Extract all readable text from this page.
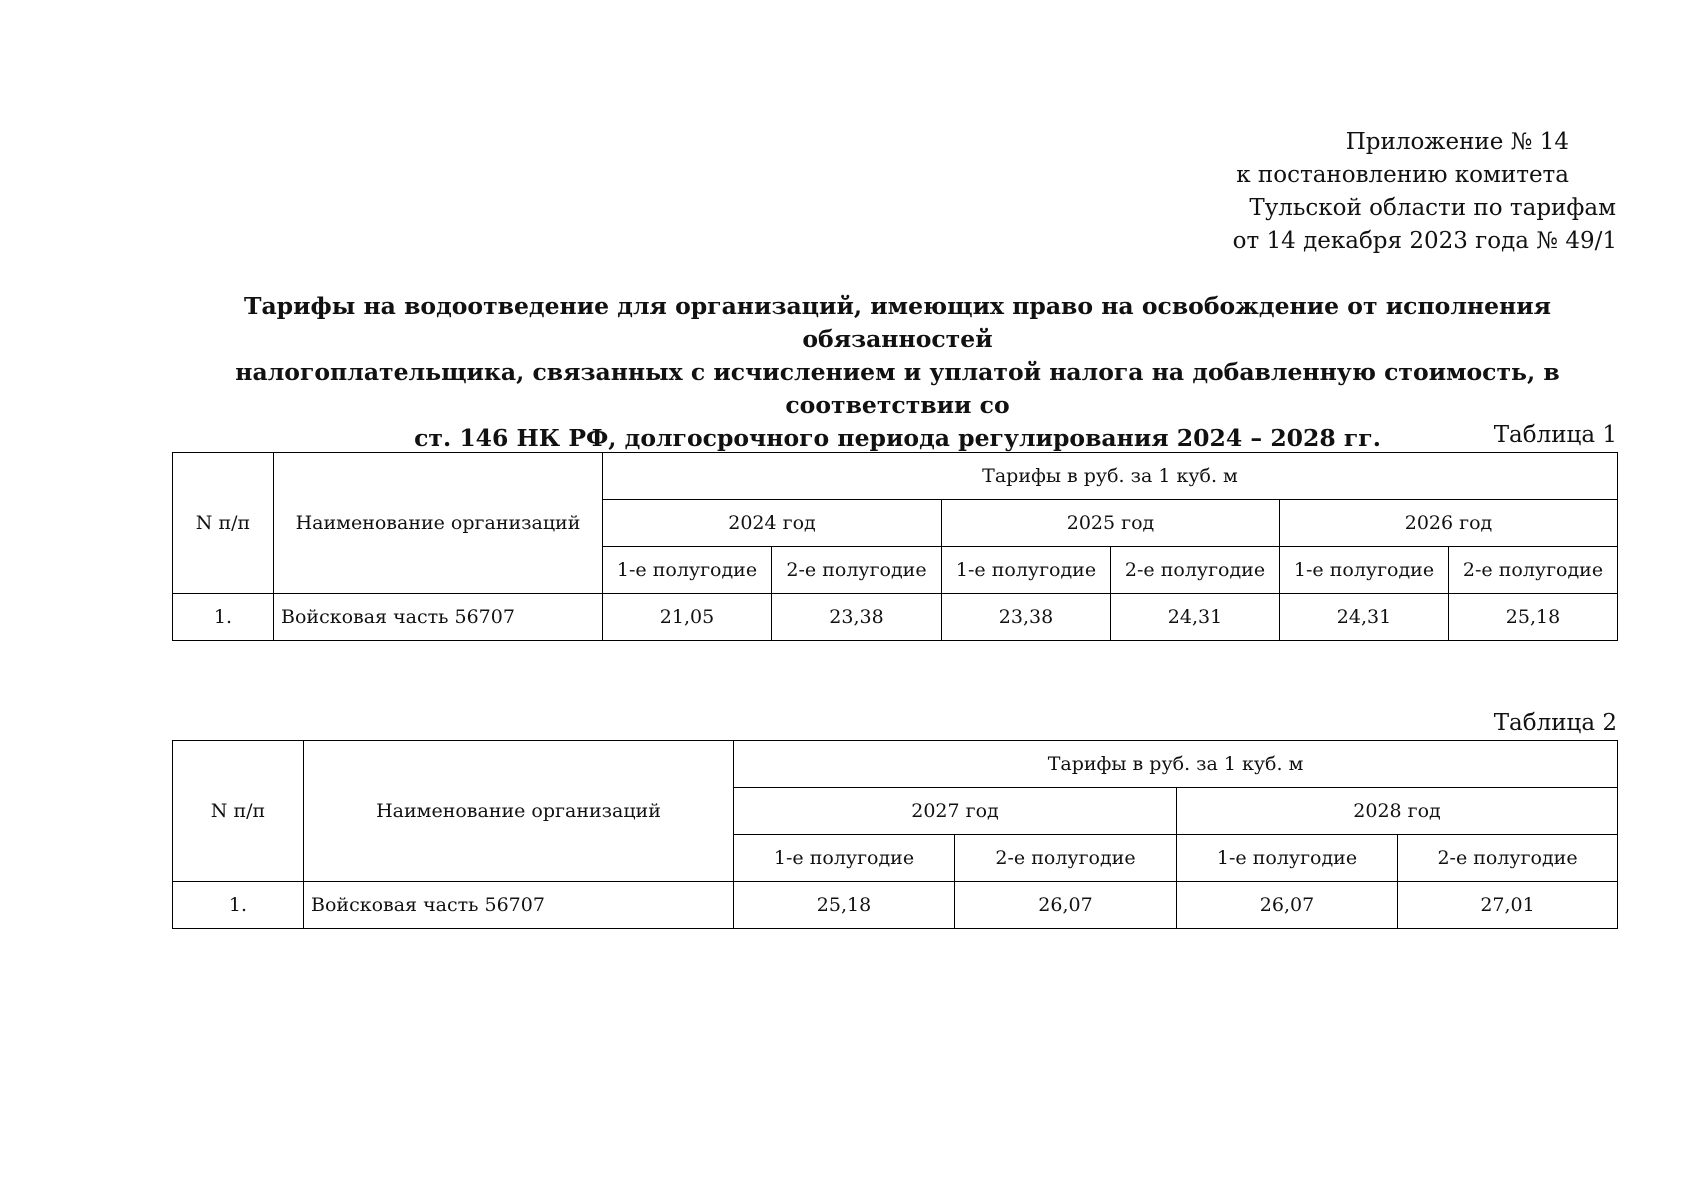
Приложение № 14
к постановлению комитета
Тульской области по тарифам
от 14 декабря 2023 года № 49/1
Тарифы на водоотведение для организаций, имеющих право на освобождение от исполнения обязанностей
налогоплательщика, связанных с исчислением и уплатой налога на добавленную стоимость, в соответствии со
ст. 146 НК РФ, долгосрочного периода регулирования 2024 – 2028 гг.	Таблица 1
N п/п	Наименование организаций	Тарифы в руб. за 1 куб. м					
		2024 год		2025 год		2026 год	
		1-е полугодие	2-е полугодие	1-е полугодие	2-е полугодие	1-е полугодие	2-е полугодие
1.	Войсковая часть 56707	21,05	23,38	23,38	24,31	24,31	25,18
Таблица 2
N п/п	Наименование организаций	Тарифы в руб. за 1 куб. м			
		2027 год		2028 год	
		1-е полугодие	2-е полугодие	1-е полугодие	2-е полугодие
1.	Войсковая часть 56707	25,18	26,07	26,07	27,01
